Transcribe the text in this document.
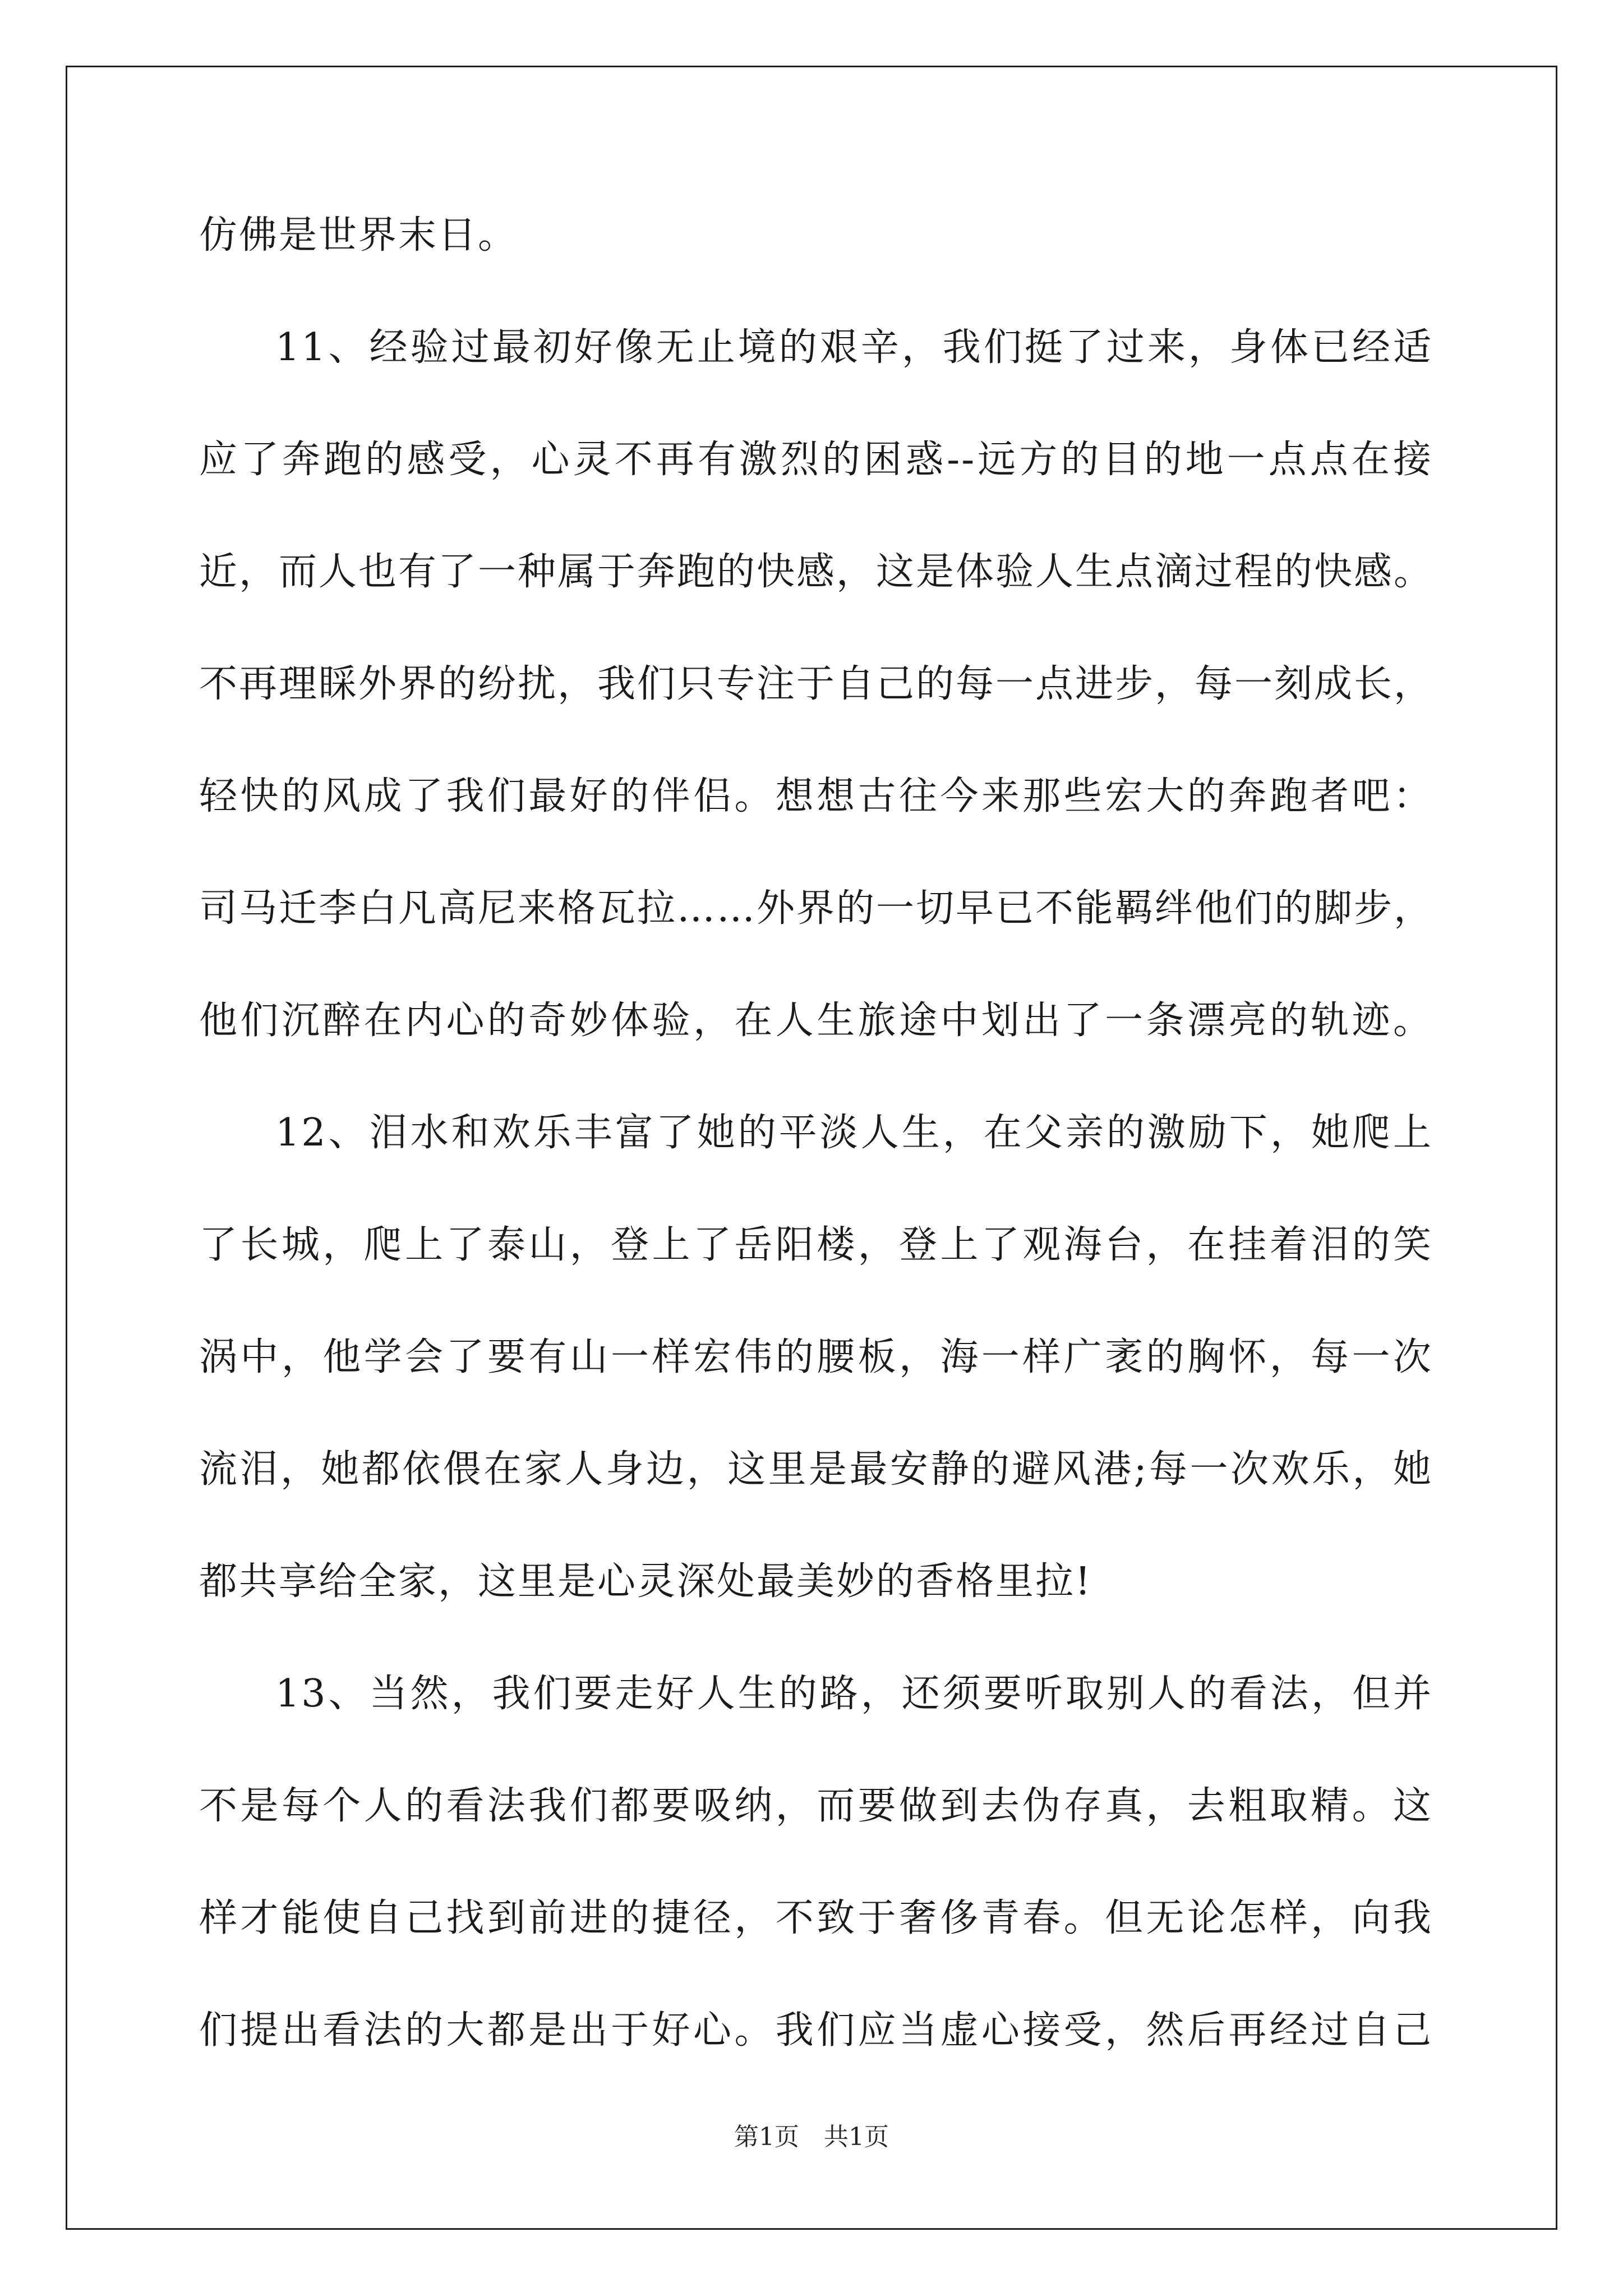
仿佛是世界末日。
11、经验过最初好像无止境的艰辛，我们挺了过来，身体已经适
应了奔跑的感受，心灵不再有激烈的困惑--远方的目的地一点点在接
近，而人也有了一种属于奔跑的快感，这是体验人生点滴过程的快感。
不再理睬外界的纷扰，我们只专注于自己的每一点进步，每一刻成长，
轻快的风成了我们最好的伴侣。想想古往今来那些宏大的奔跑者吧：
司马迁李白凡高尼来格瓦拉……外界的一切早已不能羁绊他们的脚步，
他们沉醉在内心的奇妙体验，在人生旅途中划出了一条漂亮的轨迹。
12、泪水和欢乐丰富了她的平淡人生，在父亲的激励下，她爬上
了长城，爬上了泰山，登上了岳阳楼，登上了观海台，在挂着泪的笑
涡中，他学会了要有山一样宏伟的腰板，海一样广袤的胸怀，每一次
流泪，她都依偎在家人身边，这里是最安静的避风港;每一次欢乐，她
都共享给全家，这里是心灵深处最美妙的香格里拉!
13、当然，我们要走好人生的路，还须要听取别人的看法，但并
不是每个人的看法我们都要吸纳，而要做到去伪存真，去粗取精。这
样才能使自己找到前进的捷径，不致于奢侈青春。但无论怎样，向我
们提出看法的大都是出于好心。我们应当虚心接受，然后再经过自己
第1页　共1页
